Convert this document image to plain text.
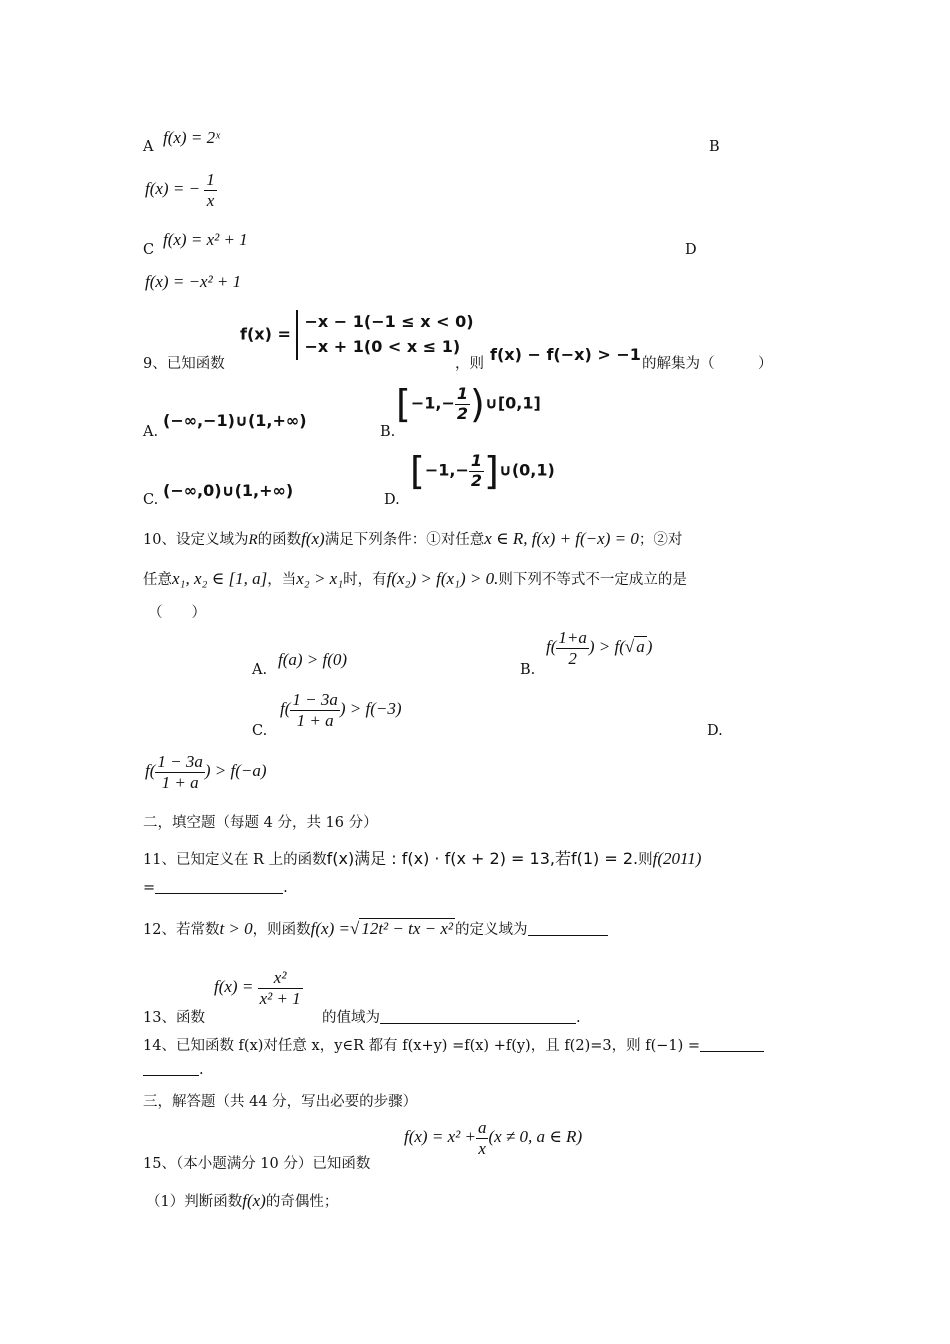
A f(x) = 2ˣ	B
f(x) = − $\frac{1}{x}$
C
f(x) = x² + 1
D
f(x) = −x² + 1
9、已知函数
f(x) =
−x − 1(−1 ≤ x < 0)
−x + 1(0 < x ≤ 1)
，则 f(x) − f(−x) > −1 的解集为（　　　）
A.
(−∞,−1)∪(1,+∞)
B.
[$-1,- \frac{1}{2}$ )∪[0,1]
C. (−∞,0)∪(1,+∞)	D.
[$-1,- \frac{1}{2}$ ]∪(0,1)
10、设定义域为R的函数f(x)满足下列条件：①对任意x ∈ R, f(x) + f(−x) = 0；②对
任意x₁, x₂ ∈ [1, a]，当x₂ > x₁时，有f(x₂) > f(x₁) > 0.则下列不等式不一定成立的是
（　　）
A.
f(a) > f(0)
B.
$f( \frac{1+a}{2}$ ) > f(√ a )
C.
$f( \frac{1 - 3a}{1 + a}$ ) > f(−3)
D.
$f( \frac{1 - 3a}{1 + a}$ ) > f(−a)
二，填空题（每题 4 分，共 16 分）
11、已知定义在 R 上的函数f(x)满足 : f(x) · f(x + 2) = 13,若f(1) = 2.则f(2011)
=	.
12、若常数t > 0，则函数f(x) =√ 12t² − tx − x² 的定义域为
13、函数
$f(x) = \frac{\text{x²}}{\text{x² + 1}}$
的值域为	.
14、已知函数 f(x)对任意 x，y∈R 都有 f(x+y) =f(x) +f(y)，且 f(2)=3，则 f(−1) =
.
三，解答题（共 44 分，写出必要的步骤）
15、（本小题满分 10 分）已知函数
$f(x) = x^2 + \frac{a}{x} (x \ne 0$, a ∈ R)
（1）判断函数f(x)的奇偶性；
